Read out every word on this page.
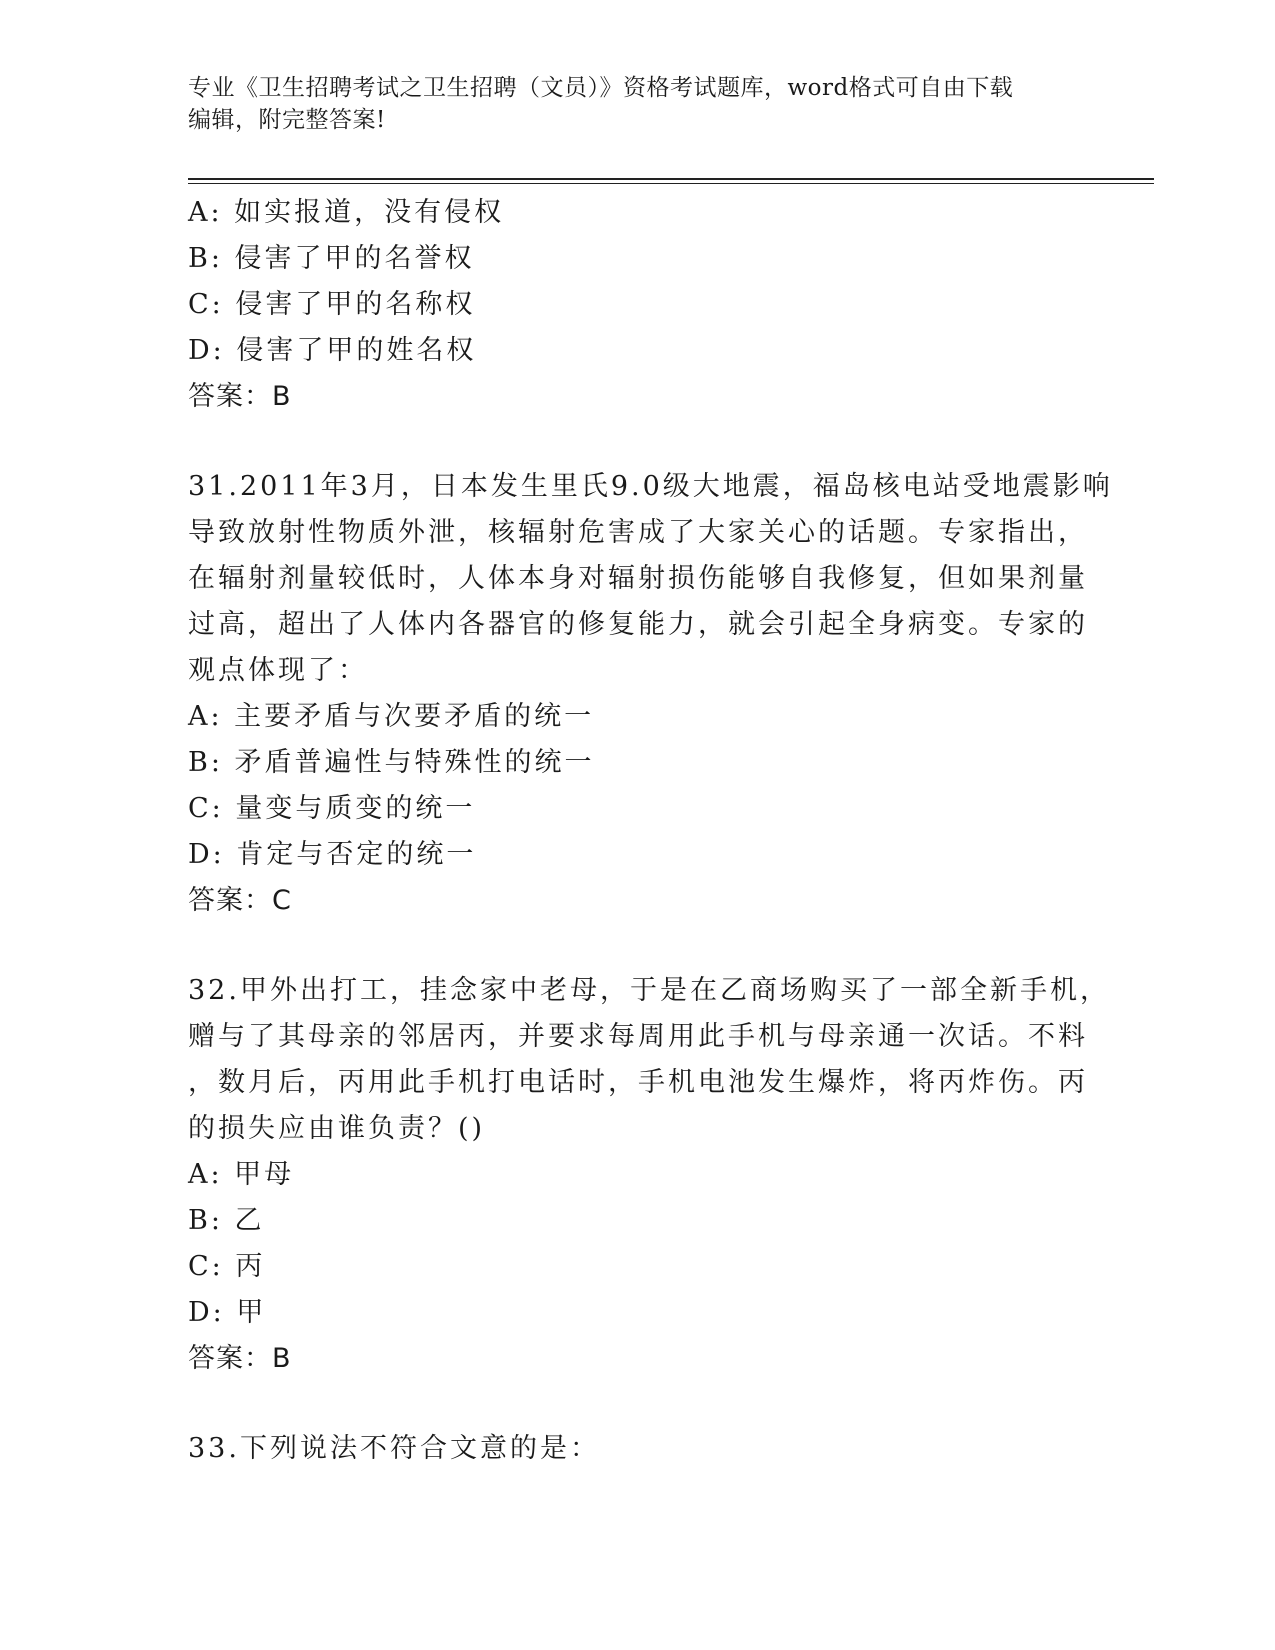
专业《卫生招聘考试之卫生招聘（文员）》资格考试题库，word格式可自由下载
编辑，附完整答案!
A: 如实报道，没有侵权
B: 侵害了甲的名誉权
C: 侵害了甲的名称权
D: 侵害了甲的姓名权
答案：B
31.2011年3月，日本发生里氏9.0级大地震，福岛核电站受地震影响
导致放射性物质外泄，核辐射危害成了大家关心的话题。专家指出，
在辐射剂量较低时，人体本身对辐射损伤能够自我修复，但如果剂量
过高，超出了人体内各器官的修复能力，就会引起全身病变。专家的
观点体现了：
A: 主要矛盾与次要矛盾的统一
B: 矛盾普遍性与特殊性的统一
C: 量变与质变的统一
D: 肯定与否定的统一
答案：C
32.甲外出打工，挂念家中老母，于是在乙商场购买了一部全新手机，
赠与了其母亲的邻居丙，并要求每周用此手机与母亲通一次话。不料
，数月后，丙用此手机打电话时，手机电池发生爆炸，将丙炸伤。丙
的损失应由谁负责？()
A: 甲母
B: 乙
C: 丙
D: 甲
答案：B
33.下列说法不符合文意的是：
